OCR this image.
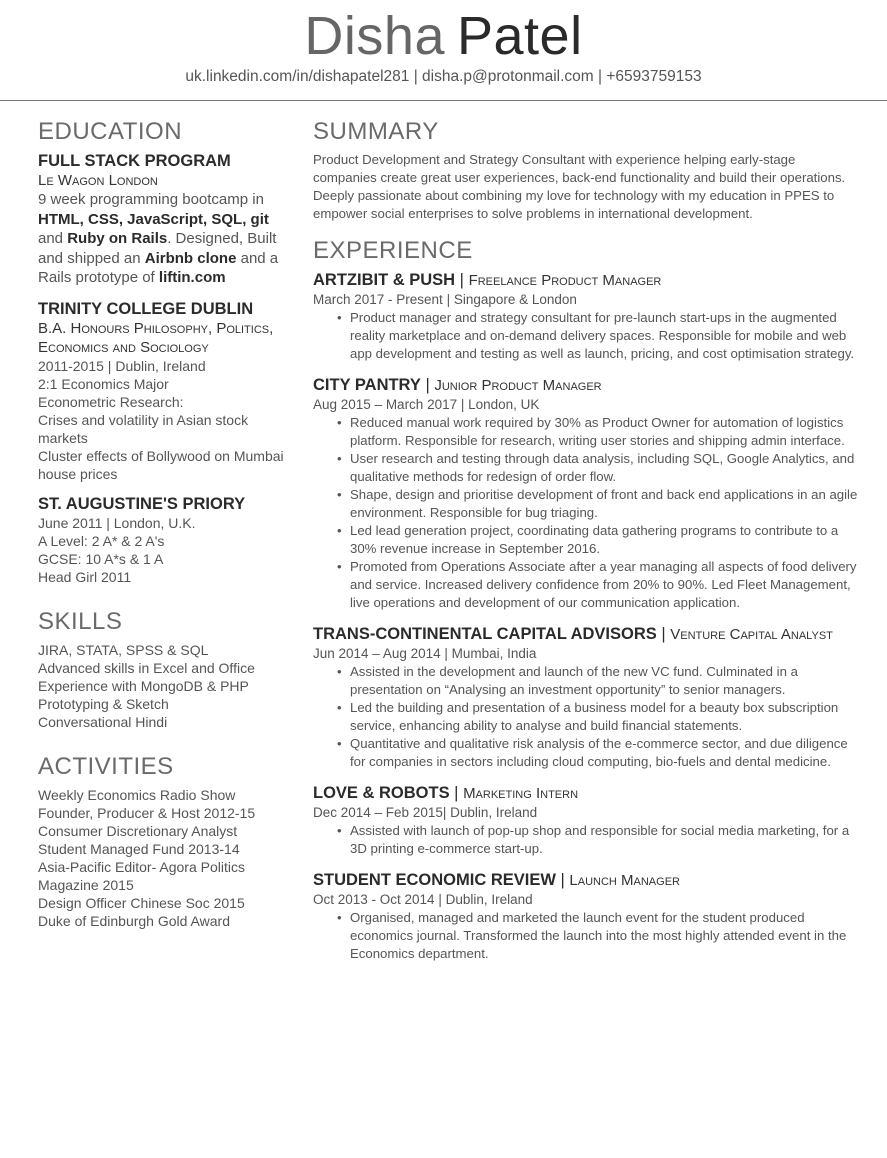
Disha Patel
uk.linkedin.com/in/dishapatel281 | disha.p@protonmail.com | +6593759153
EDUCATION
FULL STACK PROGRAM
Le Wagon London
9 week programming bootcamp in HTML, CSS, JavaScript, SQL, git and Ruby on Rails. Designed, Built and shipped an Airbnb clone and a Rails prototype of liftin.com
TRINITY COLLEGE DUBLIN
B.A. Honours Philosophy, Politics, Economics and Sociology
2011-2015 | Dublin, Ireland
2:1 Economics Major
Econometric Research:
Crises and volatility in Asian stock markets
Cluster effects of Bollywood on Mumbai house prices
ST. AUGUSTINE'S PRIORY
June 2011 | London, U.K.
A Level: 2 A* & 2 A's
GCSE: 10 A*s & 1 A
Head Girl 2011
SKILLS
JIRA, STATA, SPSS & SQL
Advanced skills in Excel and Office
Experience with MongoDB & PHP
Prototyping & Sketch
Conversational Hindi
ACTIVITIES
Weekly Economics Radio Show Founder, Producer & Host 2012-15
Consumer Discretionary Analyst Student Managed Fund 2013-14
Asia-Pacific Editor- Agora Politics Magazine 2015
Design Officer Chinese Soc 2015
Duke of Edinburgh Gold Award
SUMMARY
Product Development and Strategy Consultant with experience helping early-stage companies create great user experiences, back-end functionality and build their operations. Deeply passionate about combining my love for technology with my education in PPES to empower social enterprises to solve problems in international development.
EXPERIENCE
ARTZIBIT & PUSH | Freelance Product Manager
March 2017 - Present | Singapore & London
• Product manager and strategy consultant for pre-launch start-ups in the augmented reality marketplace and on-demand delivery spaces. Responsible for mobile and web app development and testing as well as launch, pricing, and cost optimisation strategy.
CITY PANTRY | Junior Product Manager
Aug 2015 – March 2017 | London, UK
• Reduced manual work required by 30% as Product Owner for automation of logistics platform. Responsible for research, writing user stories and shipping admin interface.
• User research and testing through data analysis, including SQL, Google Analytics, and qualitative methods for redesign of order flow.
• Shape, design and prioritise development of front and back end applications in an agile environment. Responsible for bug triaging.
• Led lead generation project, coordinating data gathering programs to contribute to a 30% revenue increase in September 2016.
• Promoted from Operations Associate after a year managing all aspects of food delivery and service. Increased delivery confidence from 20% to 90%. Led Fleet Management, live operations and development of our communication application.
TRANS-CONTINENTAL CAPITAL ADVISORS | Venture Capital Analyst
Jun 2014 – Aug 2014 | Mumbai, India
• Assisted in the development and launch of the new VC fund. Culminated in a presentation on “Analysing an investment opportunity” to senior managers.
• Led the building and presentation of a business model for a beauty box subscription service, enhancing ability to analyse and build financial statements.
• Quantitative and qualitative risk analysis of the e-commerce sector, and due diligence for companies in sectors including cloud computing, bio-fuels and dental medicine.
LOVE & ROBOTS | Marketing Intern
Dec 2014 – Feb 2015| Dublin, Ireland
• Assisted with launch of pop-up shop and responsible for social media marketing, for a 3D printing e-commerce start-up.
STUDENT ECONOMIC REVIEW | Launch Manager
Oct 2013 - Oct 2014 | Dublin, Ireland
• Organised, managed and marketed the launch event for the student produced economics journal. Transformed the launch into the most highly attended event in the Economics department.
